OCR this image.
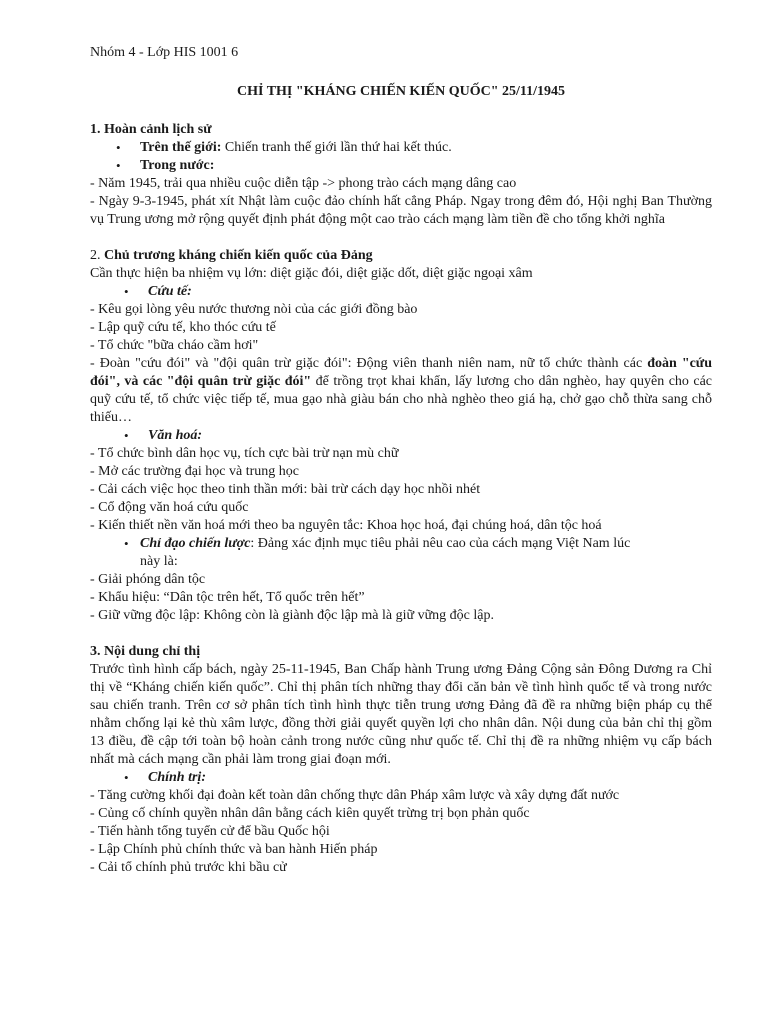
Nhóm 4 - Lớp HIS 1001 6

CHỈ THỊ "KHÁNG CHIẾN KIẾN QUỐC" 25/11/1945

1. Hoàn cảnh lịch sử

• Trên thế giới: Chiến tranh thế giới lần thứ hai kết thúc.

• Trong nước:

- Năm 1945, trải qua nhiều cuộc diễn tập -> phong trào cách mạng dâng cao

- Ngày 9-3-1945, phát xít Nhật làm cuộc đảo chính hất cẳng Pháp. Ngay trong đêm đó, Hội nghị Ban Thường vụ Trung ương mở rộng quyết định phát động một cao trào cách mạng làm tiền đề cho tổng khởi nghĩa

2. Chủ trương kháng chiến kiến quốc của Đảng

Cần thực hiện ba nhiệm vụ lớn: diệt giặc đói, diệt giặc dốt, diệt giặc ngoại xâm

• Cứu tế:

- Kêu gọi lòng yêu nước thương nòi của các giới đồng bào

- Lập quỹ cứu tế, kho thóc cứu tế

- Tổ chức "bữa cháo cầm hơi"

- Đoàn "cứu đói" và "đội quân trừ giặc đói": Động viên thanh niên nam, nữ tổ chức thành các đoàn "cứu đói", và các "đội quân trừ giặc đói" để trồng trọt khai khẩn, lấy lương cho dân nghèo, hay quyên cho các quỹ cứu tế, tổ chức việc tiếp tế, mua gạo nhà giàu bán cho nhà nghèo theo giá hạ, chở gạo chỗ thừa sang chỗ thiếu…

• Văn hoá:

- Tổ chức bình dân học vụ, tích cực bài trừ nạn mù chữ

- Mở các trường đại học và trung học

- Cải cách việc học theo tinh thần mới: bài trừ cách dạy học nhồi nhét

- Cổ động văn hoá cứu quốc

- Kiến thiết nền văn hoá mới theo ba nguyên tắc: Khoa học hoá, đại chúng hoá, dân tộc hoá

• Chỉ đạo chiến lược: Đảng xác định mục tiêu phải nêu cao của cách mạng Việt Nam lúc
này là:

- Giải phóng dân tộc

- Khẩu hiệu: “Dân tộc trên hết, Tổ quốc trên hết”

- Giữ vững độc lập: Không còn là giành độc lập mà là giữ vững độc lập.

3. Nội dung chỉ thị

Trước tình hình cấp bách, ngày 25-11-1945, Ban Chấp hành Trung ương Đảng Cộng sản Đông Dương ra Chỉ thị về “Kháng chiến kiến quốc”. Chỉ thị phân tích những thay đổi căn bản về tình hình quốc tế và trong nước sau chiến tranh. Trên cơ sở phân tích tình hình thực tiễn trung ương Đảng đã đề ra những biện pháp cụ thể nhằm chống lại kẻ thù xâm lược, đồng thời giải quyết quyền lợi cho nhân dân. Nội dung của bản chỉ thị gồm 13 điều, đề cập tới toàn bộ hoàn cảnh trong nước cũng như quốc tế. Chỉ thị đề ra những nhiệm vụ cấp bách nhất mà cách mạng cần phải làm trong giai đoạn mới.

• Chính trị:

- Tăng cường khối đại đoàn kết toàn dân chống thực dân Pháp xâm lược và xây dựng đất nước

- Củng cố chính quyền nhân dân bằng cách kiên quyết trừng trị bọn phản quốc

- Tiến hành tổng tuyển cử để bầu Quốc hội

- Lập Chính phủ chính thức và ban hành Hiến pháp

- Cải tổ chính phủ trước khi bầu cử
